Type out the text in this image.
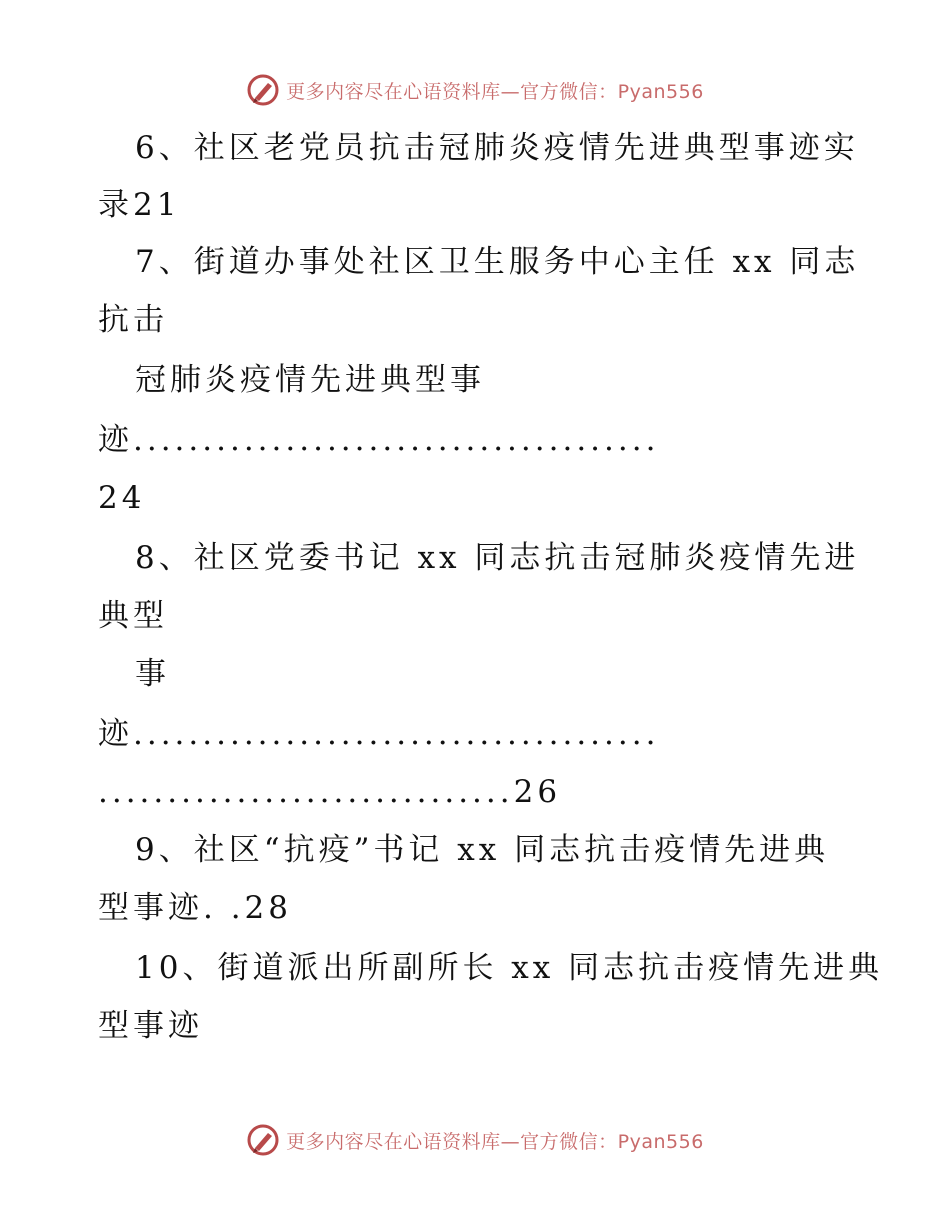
更多内容尽在心语资料库—官方微信：Pyan556
6、社区老党员抗击冠肺炎疫情先进典型事迹实
录21
7、街道办事处社区卫生服务中心主任 xx 同志
抗击
冠肺炎疫情先进典型事
迹......................................
24
8、社区党委书记 xx 同志抗击冠肺炎疫情先进
典型
事
迹......................................
..............................26
9、社区“抗疫”书记 xx 同志抗击疫情先进典
型事迹. .28
10、街道派出所副所长 xx 同志抗击疫情先进典
型事迹
更多内容尽在心语资料库—官方微信：Pyan556
